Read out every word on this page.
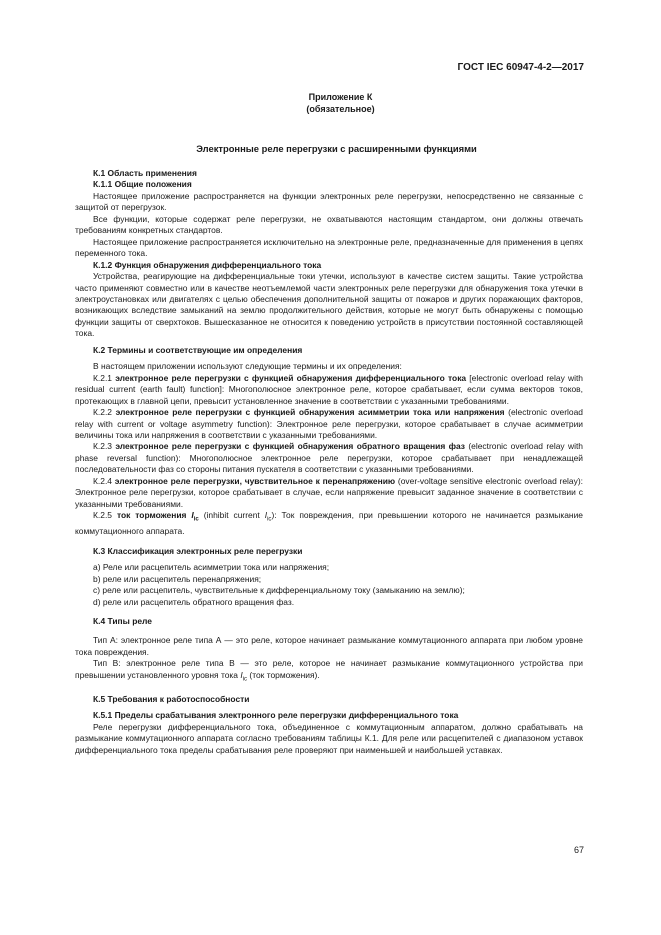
ГОСТ IEC 60947-4-2—2017
Приложение К
(обязательное)
Электронные реле перегрузки с расширенными функциями

К.1 Область применения

К.1.1 Общие положения

Настоящее приложение распространяется на функции электронных реле перегрузки, непосредственно не связанные с защитой от перегрузок.

Все функции, которые содержат реле перегрузки, не охватываются настоящим стандартом, они должны отвечать требованиям конкретных стандартов.

Настоящее приложение распространяется исключительно на электронные реле, предназначенные для применения в цепях переменного тока.

К.1.2 Функция обнаружения дифференциального тока

Устройства, реагирующие на дифференциальные токи утечки, используют в качестве систем защиты. Такие устройства часто применяют совместно или в качестве неотъемлемой части электронных реле перегрузки для обнаружения тока утечки в электроустановках или двигателях с целью обеспечения дополнительной защиты от пожаров и других поражающих факторов, возникающих вследствие замыканий на землю продолжительного действия, которые не могут быть обнаружены с помощью функции защиты от сверхтоков. Вышесказанное не относится к поведению устройств в присутствии постоянной составляющей тока.

К.2 Термины и соответствующие им определения

В настоящем приложении используют следующие термины и их определения:

К.2.1 электронное реле перегрузки с функцией обнаружения дифференциального тока [electronic overload relay with residual current (earth fault) function]: Многополюсное электронное реле, которое срабатывает, если сумма векторов токов, протекающих в главной цепи, превысит установленное значение в соответствии с указанными требованиями.

К.2.2 электронное реле перегрузки с функцией обнаружения асимметрии тока или напряжения (electronic overload relay with current or voltage asymmetry function): Электронное реле перегрузки, которое срабатывает в случае асимметрии величины тока или напряжения в соответствии с указанными требованиями.

К.2.3 электронное реле перегрузки с функцией обнаружения обратного вращения фаз (electronic overload relay with phase reversal function): Многополюсное электронное реле перегрузки, которое срабатывает при ненадлежащей последовательности фаз со стороны питания пускателя в соответствии с указанными требованиями.

К.2.4 электронное реле перегрузки, чувствительное к перенапряжению (over-voltage sensitive electronic overload relay): Электронное реле перегрузки, которое срабатывает в случае, если напряжение превысит заданное значение в соответствии с указанными требованиями.

К.2.5 ток торможения $I_{ic}$ (inhibit current $I_{ic}$): Ток повреждения, при превышении которого не начинается размыкание коммутационного аппарата.

К.3 Классификация электронных реле перегрузки

а) Реле или расцепитель асимметрии тока или напряжения;

b) реле или расцепитель перенапряжения;

с) реле или расцепитель, чувствительные к дифференциальному току (замыканию на землю);

d) реле или расцепитель обратного вращения фаз.

К.4 Типы реле

Тип А: электронное реле типа А — это реле, которое начинает размыкание коммутационного аппарата при любом уровне тока повреждения.

Тип В: электронное реле типа В — это реле, которое не начинает размыкание коммутационного устройства при превышении установленного уровня тока $I_{ic}$ (ток торможения).

К.5 Требования к работоспособности

К.5.1 Пределы срабатывания электронного реле перегрузки дифференциального тока

Реле перегрузки дифференциального тока, объединенное с коммутационным аппаратом, должно срабатывать на размыкание коммутационного аппарата согласно требованиям таблицы К.1. Для реле или расцепителей с диапазоном уставок дифференциального тока пределы срабатывания реле проверяют при наименьшей и наибольшей уставках.

67
